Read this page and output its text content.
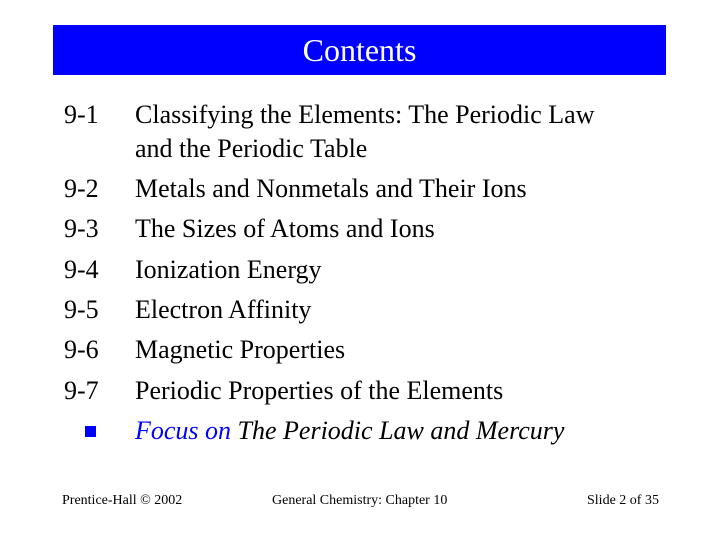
Contents
9-1 Classifying the Elements: The Periodic Law
and the Periodic Table
9-2 Metals and Nonmetals and Their Ions
9-3 The Sizes of Atoms and Ions
9-4 Ionization Energy
9-5 Electron Affinity
9-6 Magnetic Properties
9-7 Periodic Properties of the Elements
Focus on The Periodic Law and Mercury
Prentice-Hall © 2002	General Chemistry: Chapter 10	Slide 2 of 35
